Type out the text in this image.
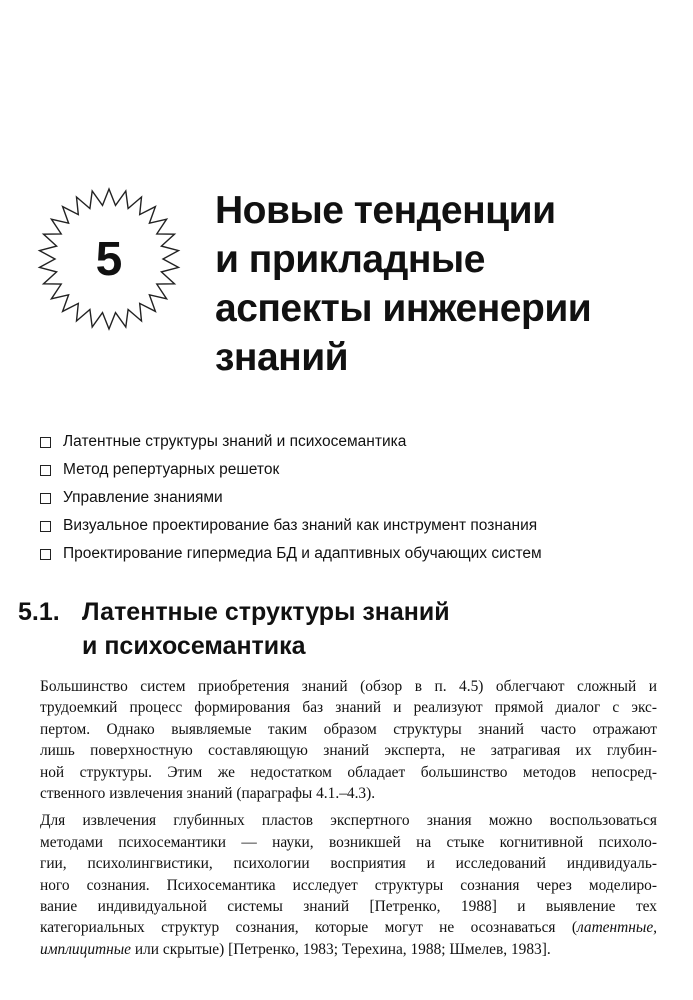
5
Новые тенденции
и прикладные
аспекты инженерии
знаний
Латентные структуры знаний и психосемантика
Метод репертуарных решеток
Управление знаниями
Визуальное проектирование баз знаний как инструмент познания
Проектирование гипермедиа БД и адаптивных обучающих систем
5.1. Латентные структуры знаний
и психосемантика

Большинство систем приобретения знаний (обзор в п. 4.5) облегчают сложный и
трудоемкий процесс формирования баз знаний и реализуют прямой диалог с экс-
пертом. Однако выявляемые таким образом структуры знаний часто отражают
лишь поверхностную составляющую знаний эксперта, не затрагивая их глубин-
ной структуры. Этим же недостатком обладает большинство методов непосред-
ственного извлечения знаний (параграфы 4.1.–4.3).

Для извлечения глубинных пластов экспертного знания можно воспользоваться
методами психосемантики — науки, возникшей на стыке когнитивной психоло-
гии, психолингвистики, психологии восприятия и исследований индивидуаль-
ного сознания. Психосемантика исследует структуры сознания через моделиро-
вание индивидуальной системы знаний [Петренко, 1988] и выявление тех
категориальных структур сознания, которые могут не осознаваться (латентные,
имплицитные или скрытые) [Петренко, 1983; Терехина, 1988; Шмелев, 1983].
